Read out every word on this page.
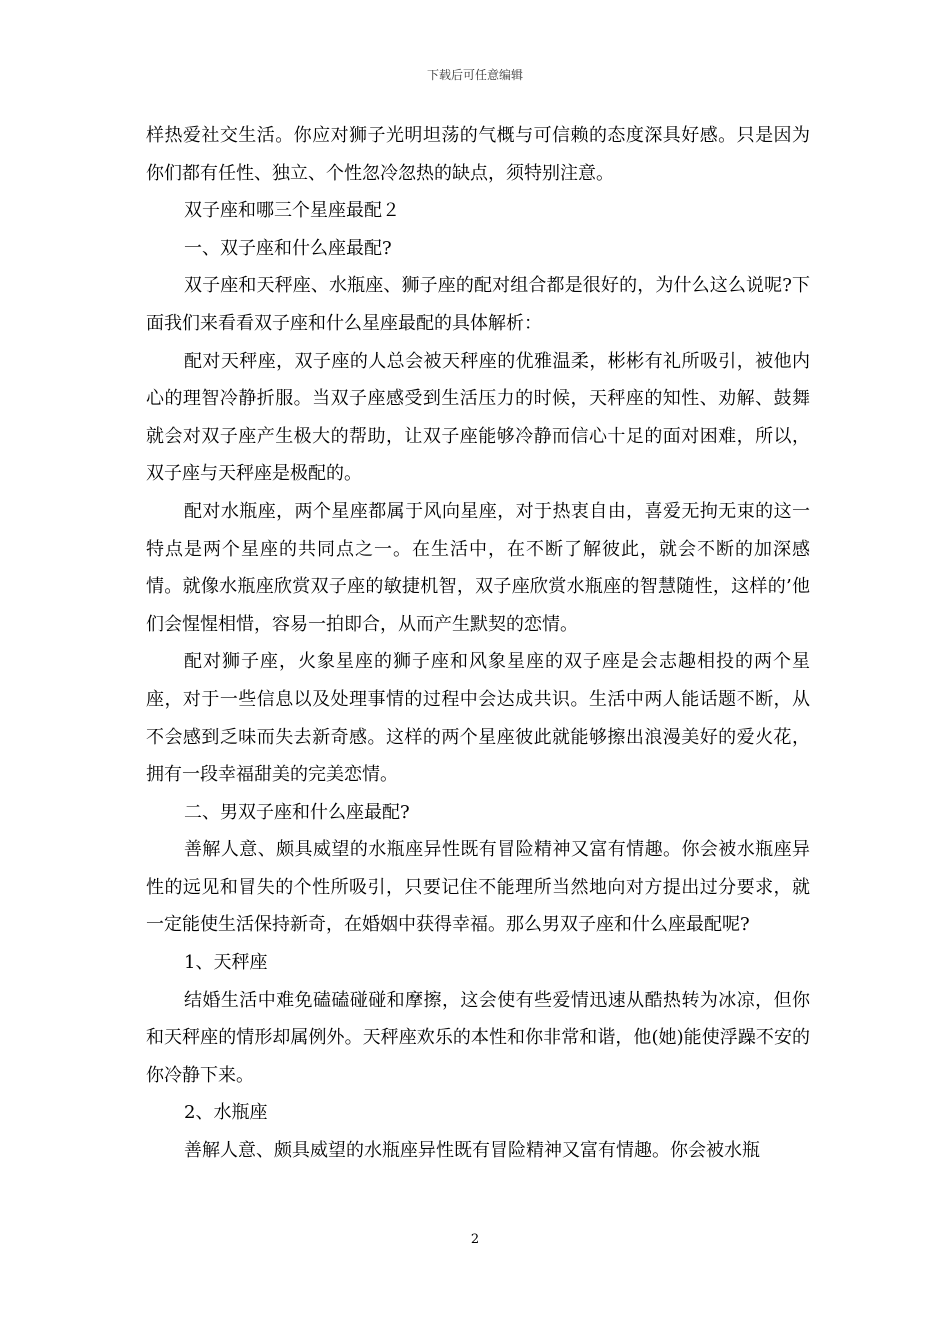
下载后可任意编辑

样热爱社交生活。你应对狮子光明坦荡的气概与可信赖的态度深具好感。只是因为你们都有任性、独立、个性忽冷忽热的缺点，须特别注意。

双子座和哪三个星座最配２

一、双子座和什么座最配?

双子座和天秤座、水瓶座、狮子座的配对组合都是很好的，为什么这么说呢?下面我们来看看双子座和什么星座最配的具体解析：

配对天秤座，双子座的人总会被天秤座的优雅温柔，彬彬有礼所吸引，被他内心的理智冷静折服。当双子座感受到生活压力的时候，天秤座的知性、劝解、鼓舞就会对双子座产生极大的帮助，让双子座能够冷静而信心十足的面对困难，所以，双子座与天秤座是极配的。

配对水瓶座，两个星座都属于风向星座，对于热衷自由，喜爱无拘无束的这一特点是两个星座的共同点之一。在生活中，在不断了解彼此，就会不断的加深感情。就像水瓶座欣赏双子座的敏捷机智，双子座欣赏水瓶座的智慧随性，这样的’他们会惺惺相惜，容易一拍即合，从而产生默契的恋情。

配对狮子座，火象星座的狮子座和风象星座的双子座是会志趣相投的两个星座，对于一些信息以及处理事情的过程中会达成共识。生活中两人能话题不断，从不会感到乏味而失去新奇感。这样的两个星座彼此就能够擦出浪漫美好的爱火花，拥有一段幸福甜美的完美恋情。

二、男双子座和什么座最配?

善解人意、颇具威望的水瓶座异性既有冒险精神又富有情趣。你会被水瓶座异性的远见和冒失的个性所吸引，只要记住不能理所当然地向对方提出过分要求，就一定能使生活保持新奇，在婚姻中获得幸福。那么男双子座和什么座最配呢?

1、天秤座

结婚生活中难免磕磕碰碰和摩擦，这会使有些爱情迅速从酷热转为冰凉，但你和天秤座的情形却属例外。天秤座欢乐的本性和你非常和谐，他(她)能使浮躁不安的你冷静下来。

2、水瓶座

善解人意、颇具威望的水瓶座异性既有冒险精神又富有情趣。你会被水瓶

2
